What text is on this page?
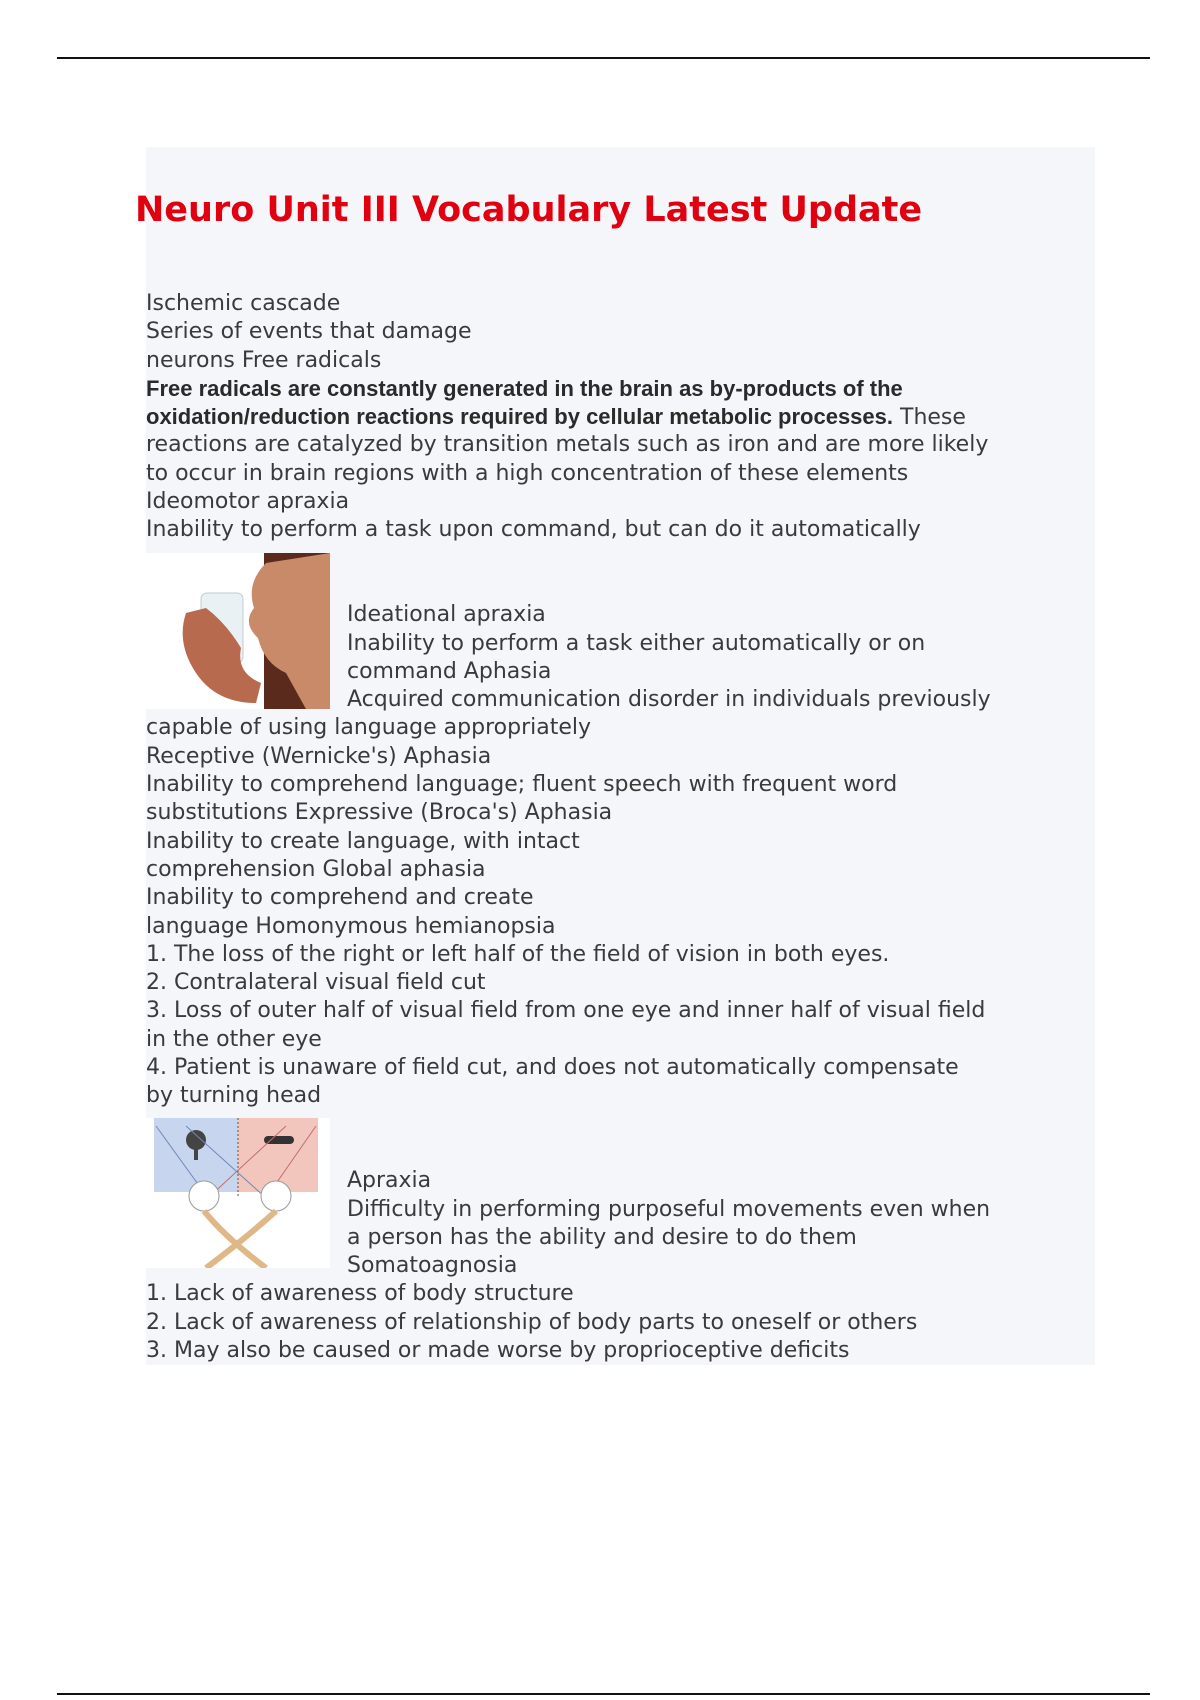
Neuro Unit III Vocabulary Latest Update
Ischemic cascade
Series of events that damage
neurons Free radicals
Free radicals are constantly generated in the brain as by-products of the
oxidation/reduction reactions required by cellular metabolic processes. These
reactions are catalyzed by transition metals such as iron and are more likely
to occur in brain regions with a high concentration of these elements
Ideomotor apraxia
Inability to perform a task upon command, but can do it automatically
Ideational apraxia
Inability to perform a task either automatically or on
command Aphasia
Acquired communication disorder in individuals previously
capable of using language appropriately
Receptive (Wernicke's) Aphasia
Inability to comprehend language; fluent speech with frequent word
substitutions Expressive (Broca's) Aphasia
Inability to create language, with intact
comprehension Global aphasia
Inability to comprehend and create
language Homonymous hemianopsia
1. The loss of the right or left half of the field of vision in both eyes.
2. Contralateral visual field cut
3. Loss of outer half of visual field from one eye and inner half of visual field
in the other eye
4. Patient is unaware of field cut, and does not automatically compensate
by turning head
Apraxia
Difficulty in performing purposeful movements even when
a person has the ability and desire to do them
Somatoagnosia
1. Lack of awareness of body structure
2. Lack of awareness of relationship of body parts to oneself or others
3. May also be caused or made worse by proprioceptive deficits
